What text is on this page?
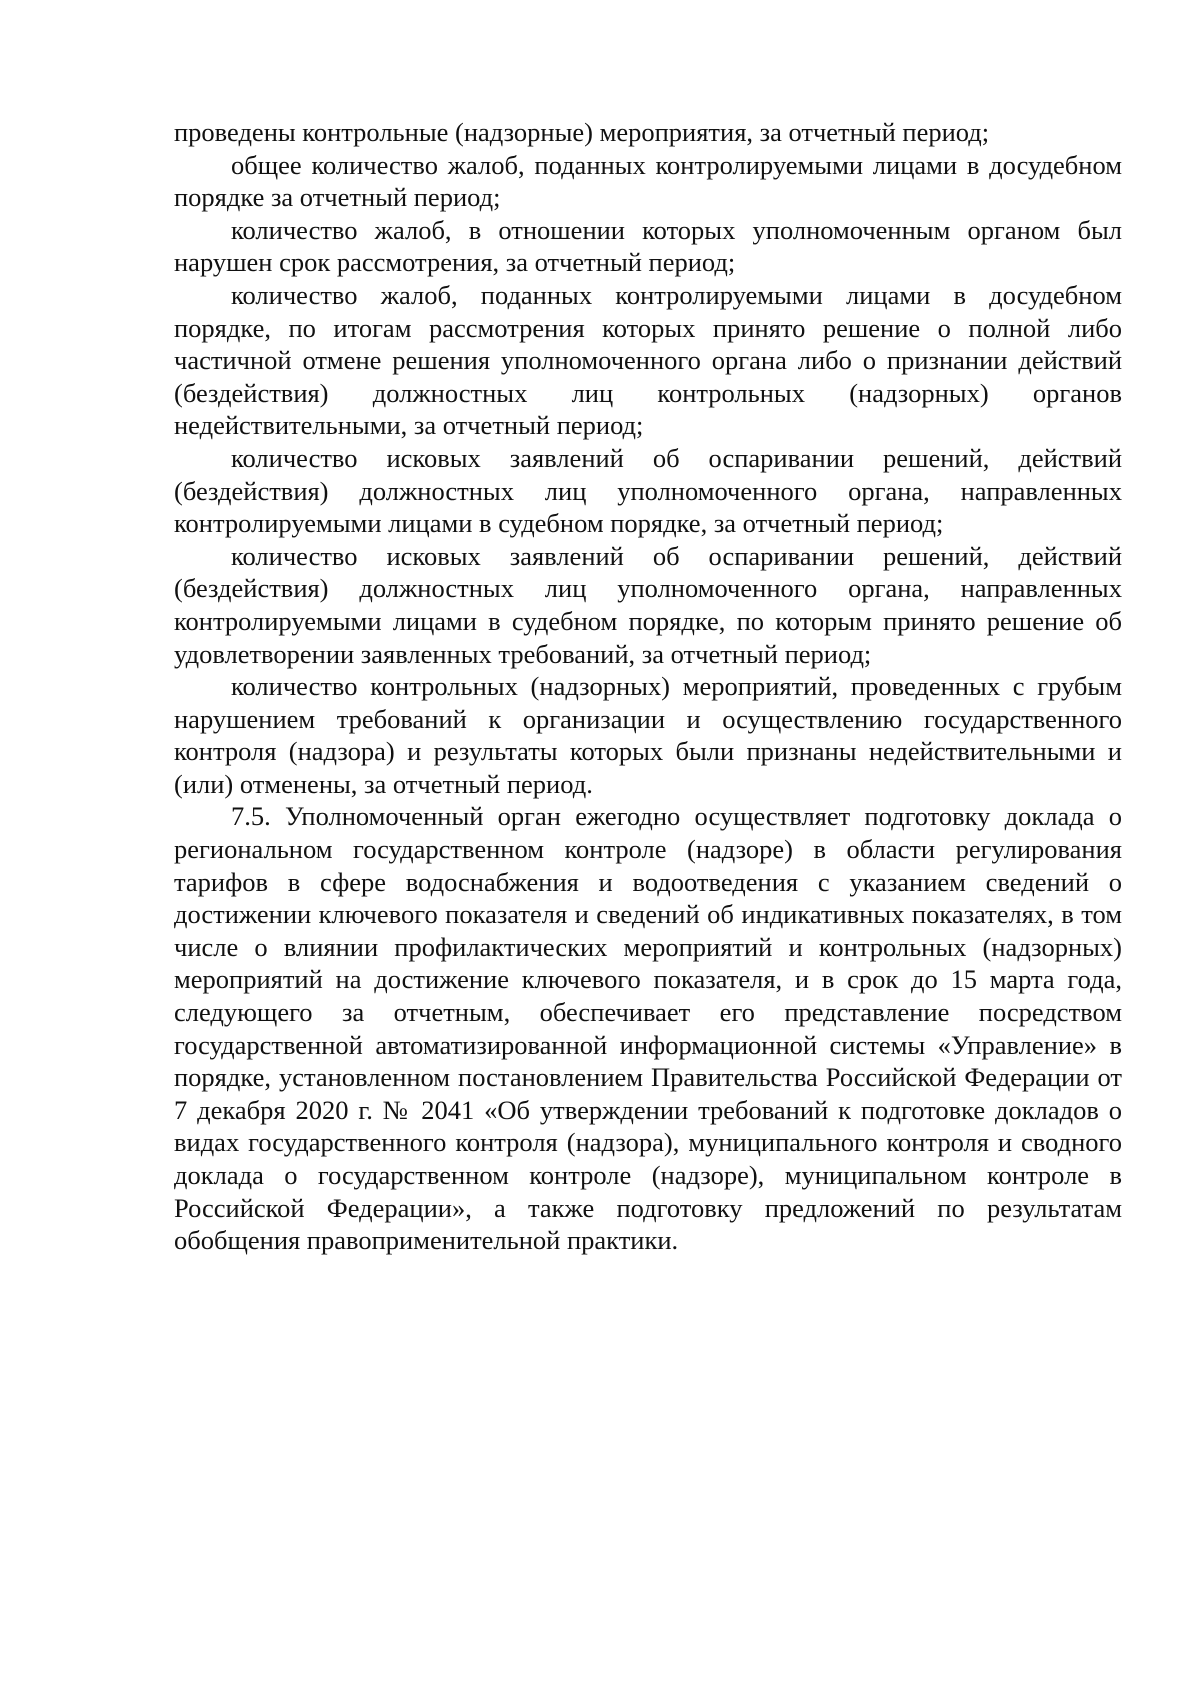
проведены контрольные (надзорные) мероприятия, за отчетный период;

общее количество жалоб, поданных контролируемыми лицами в досудебном порядке за отчетный период;

количество жалоб, в отношении которых уполномоченным органом был нарушен срок рассмотрения, за отчетный период;

количество жалоб, поданных контролируемыми лицами в досудебном порядке, по итогам рассмотрения которых принято решение о полной либо частичной отмене решения уполномоченного органа либо о признании действий (бездействия) должностных лиц контрольных (надзорных) органов недействительными, за отчетный период;

количество исковых заявлений об оспаривании решений, действий (бездействия) должностных лиц уполномоченного органа, направленных контролируемыми лицами в судебном порядке, за отчетный период;

количество исковых заявлений об оспаривании решений, действий (бездействия) должностных лиц уполномоченного органа, направленных контролируемыми лицами в судебном порядке, по которым принято решение об удовлетворении заявленных требований, за отчетный период;

количество контрольных (надзорных) мероприятий, проведенных с грубым нарушением требований к организации и осуществлению государственного контроля (надзора) и результаты которых были признаны недействительными и (или) отменены, за отчетный период.

7.5. Уполномоченный орган ежегодно осуществляет подготовку доклада о региональном государственном контроле (надзоре) в области регулирования тарифов в сфере водоснабжения и водоотведения с указанием сведений о достижении ключевого показателя и сведений об индикативных показателях, в том числе о влиянии профилактических мероприятий и контрольных (надзорных) мероприятий на достижение ключевого показателя, и в срок до 15 марта года, следующего за отчетным, обеспечивает его представление посредством государственной автоматизированной информационной системы «Управление» в порядке, установленном постановлением Правительства Российской Федерации от 7 декабря 2020 г. № 2041 «Об утверждении требований к подготовке докладов о видах государственного контроля (надзора), муниципального контроля и сводного доклада о государственном контроле (надзоре), муниципальном контроле в Российской Федерации», а также подготовку предложений по результатам обобщения правоприменительной практики.
